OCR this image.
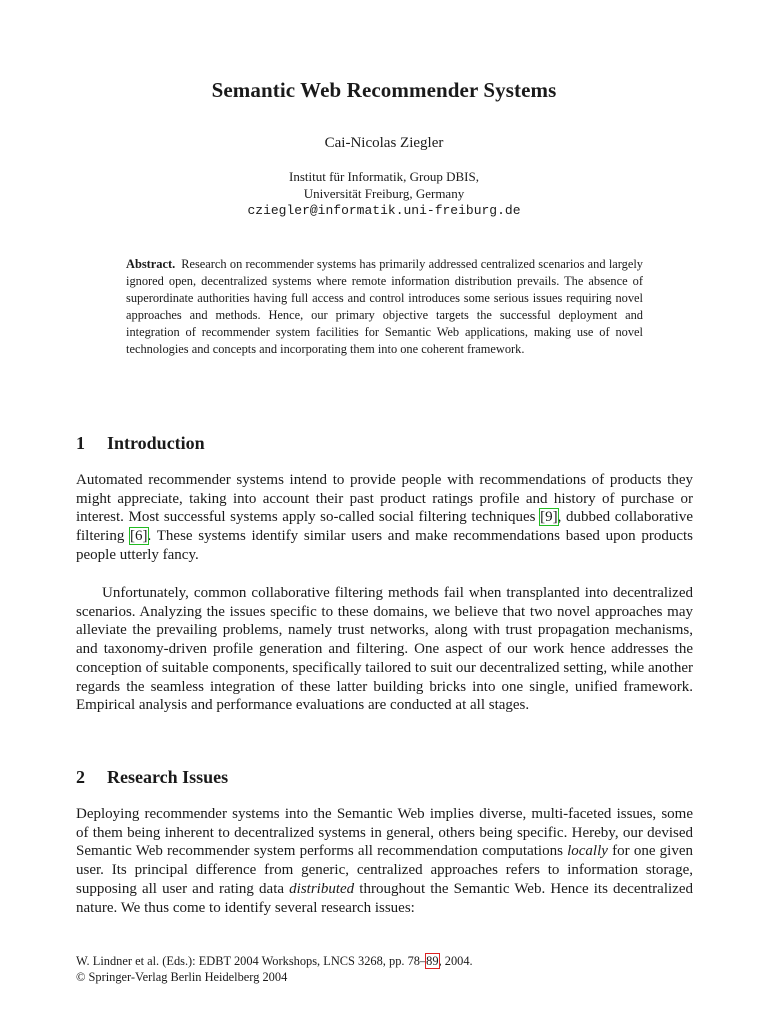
Semantic Web Recommender Systems
Cai-Nicolas Ziegler
Institut für Informatik, Group DBIS,
Universität Freiburg, Germany
cziegler@informatik.uni-freiburg.de
Abstract. Research on recommender systems has primarily addressed centralized scenarios and largely ignored open, decentralized systems where remote information distribution prevails. The absence of superordinate authorities having full access and control introduces some serious issues requiring novel approaches and methods. Hence, our primary objective targets the successful deployment and integration of recommender system facilities for Semantic Web applications, making use of novel technologies and concepts and incorporating them into one coherent framework.
1 Introduction
Automated recommender systems intend to provide people with recommendations of products they might appreciate, taking into account their past product ratings profile and history of purchase or interest. Most successful systems apply so-called social filtering techniques [9], dubbed collaborative filtering [6]. These systems identify similar users and make recommendations based upon products people utterly fancy.
Unfortunately, common collaborative filtering methods fail when transplanted into decentralized scenarios. Analyzing the issues specific to these domains, we believe that two novel approaches may alleviate the prevailing problems, namely trust networks, along with trust propagation mechanisms, and taxonomy-driven profile generation and filtering. One aspect of our work hence addresses the conception of suitable components, specifically tailored to suit our decentralized setting, while another regards the seamless integration of these latter building bricks into one single, unified framework. Empirical analysis and performance evaluations are conducted at all stages.
2 Research Issues
Deploying recommender systems into the Semantic Web implies diverse, multi-faceted issues, some of them being inherent to decentralized systems in general, others being specific. Hereby, our devised Semantic Web recommender system performs all recommendation computations locally for one given user. Its principal difference from generic, centralized approaches refers to information storage, supposing all user and rating data distributed throughout the Semantic Web. Hence its decentralized nature. We thus come to identify several research issues:
W. Lindner et al. (Eds.): EDBT 2004 Workshops, LNCS 3268, pp. 78–89, 2004.
© Springer-Verlag Berlin Heidelberg 2004
